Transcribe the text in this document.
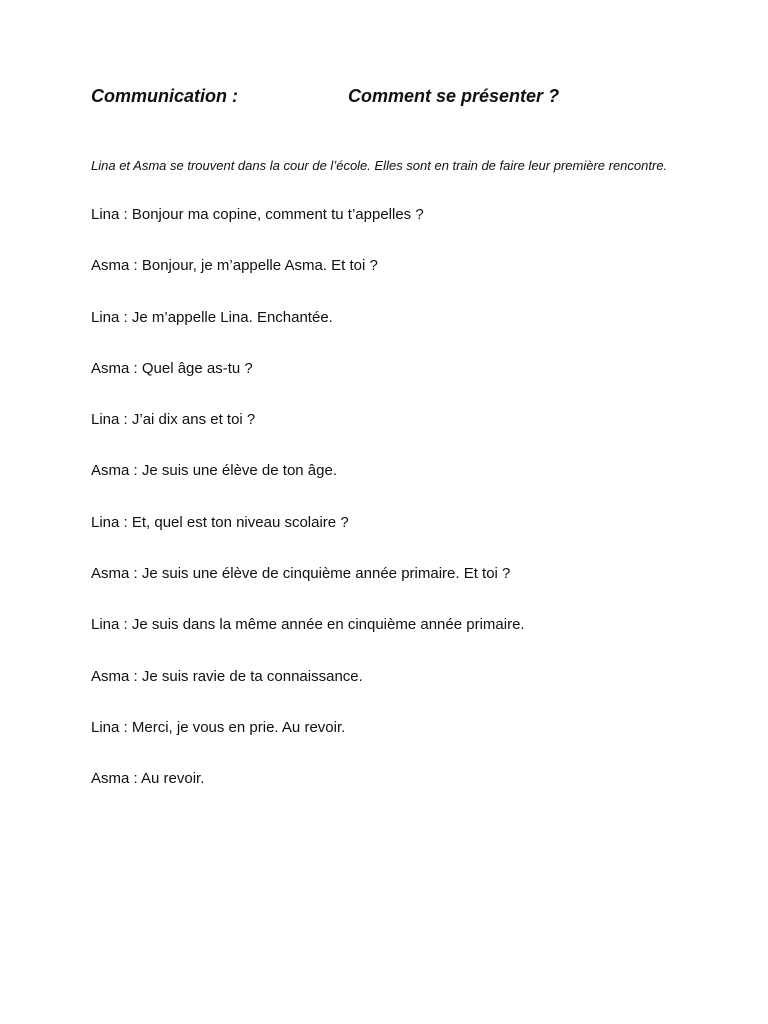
Communication :	Comment se présenter ?
Lina et Asma se trouvent dans la cour de l’école. Elles sont en train de faire leur première rencontre.
Lina : Bonjour ma copine, comment tu t’appelles ?
Asma : Bonjour, je m’appelle Asma. Et toi ?
Lina : Je m’appelle Lina. Enchantée.
Asma : Quel âge as-tu ?
Lina : J’ai dix ans et toi ?
Asma : Je suis une élève de ton âge.
Lina : Et, quel est ton niveau scolaire ?
Asma : Je suis une élève de cinquième année primaire. Et toi ?
Lina : Je suis dans la même année en cinquième année primaire.
Asma : Je suis ravie de ta connaissance.
Lina : Merci, je vous en prie. Au revoir.
Asma : Au revoir.
